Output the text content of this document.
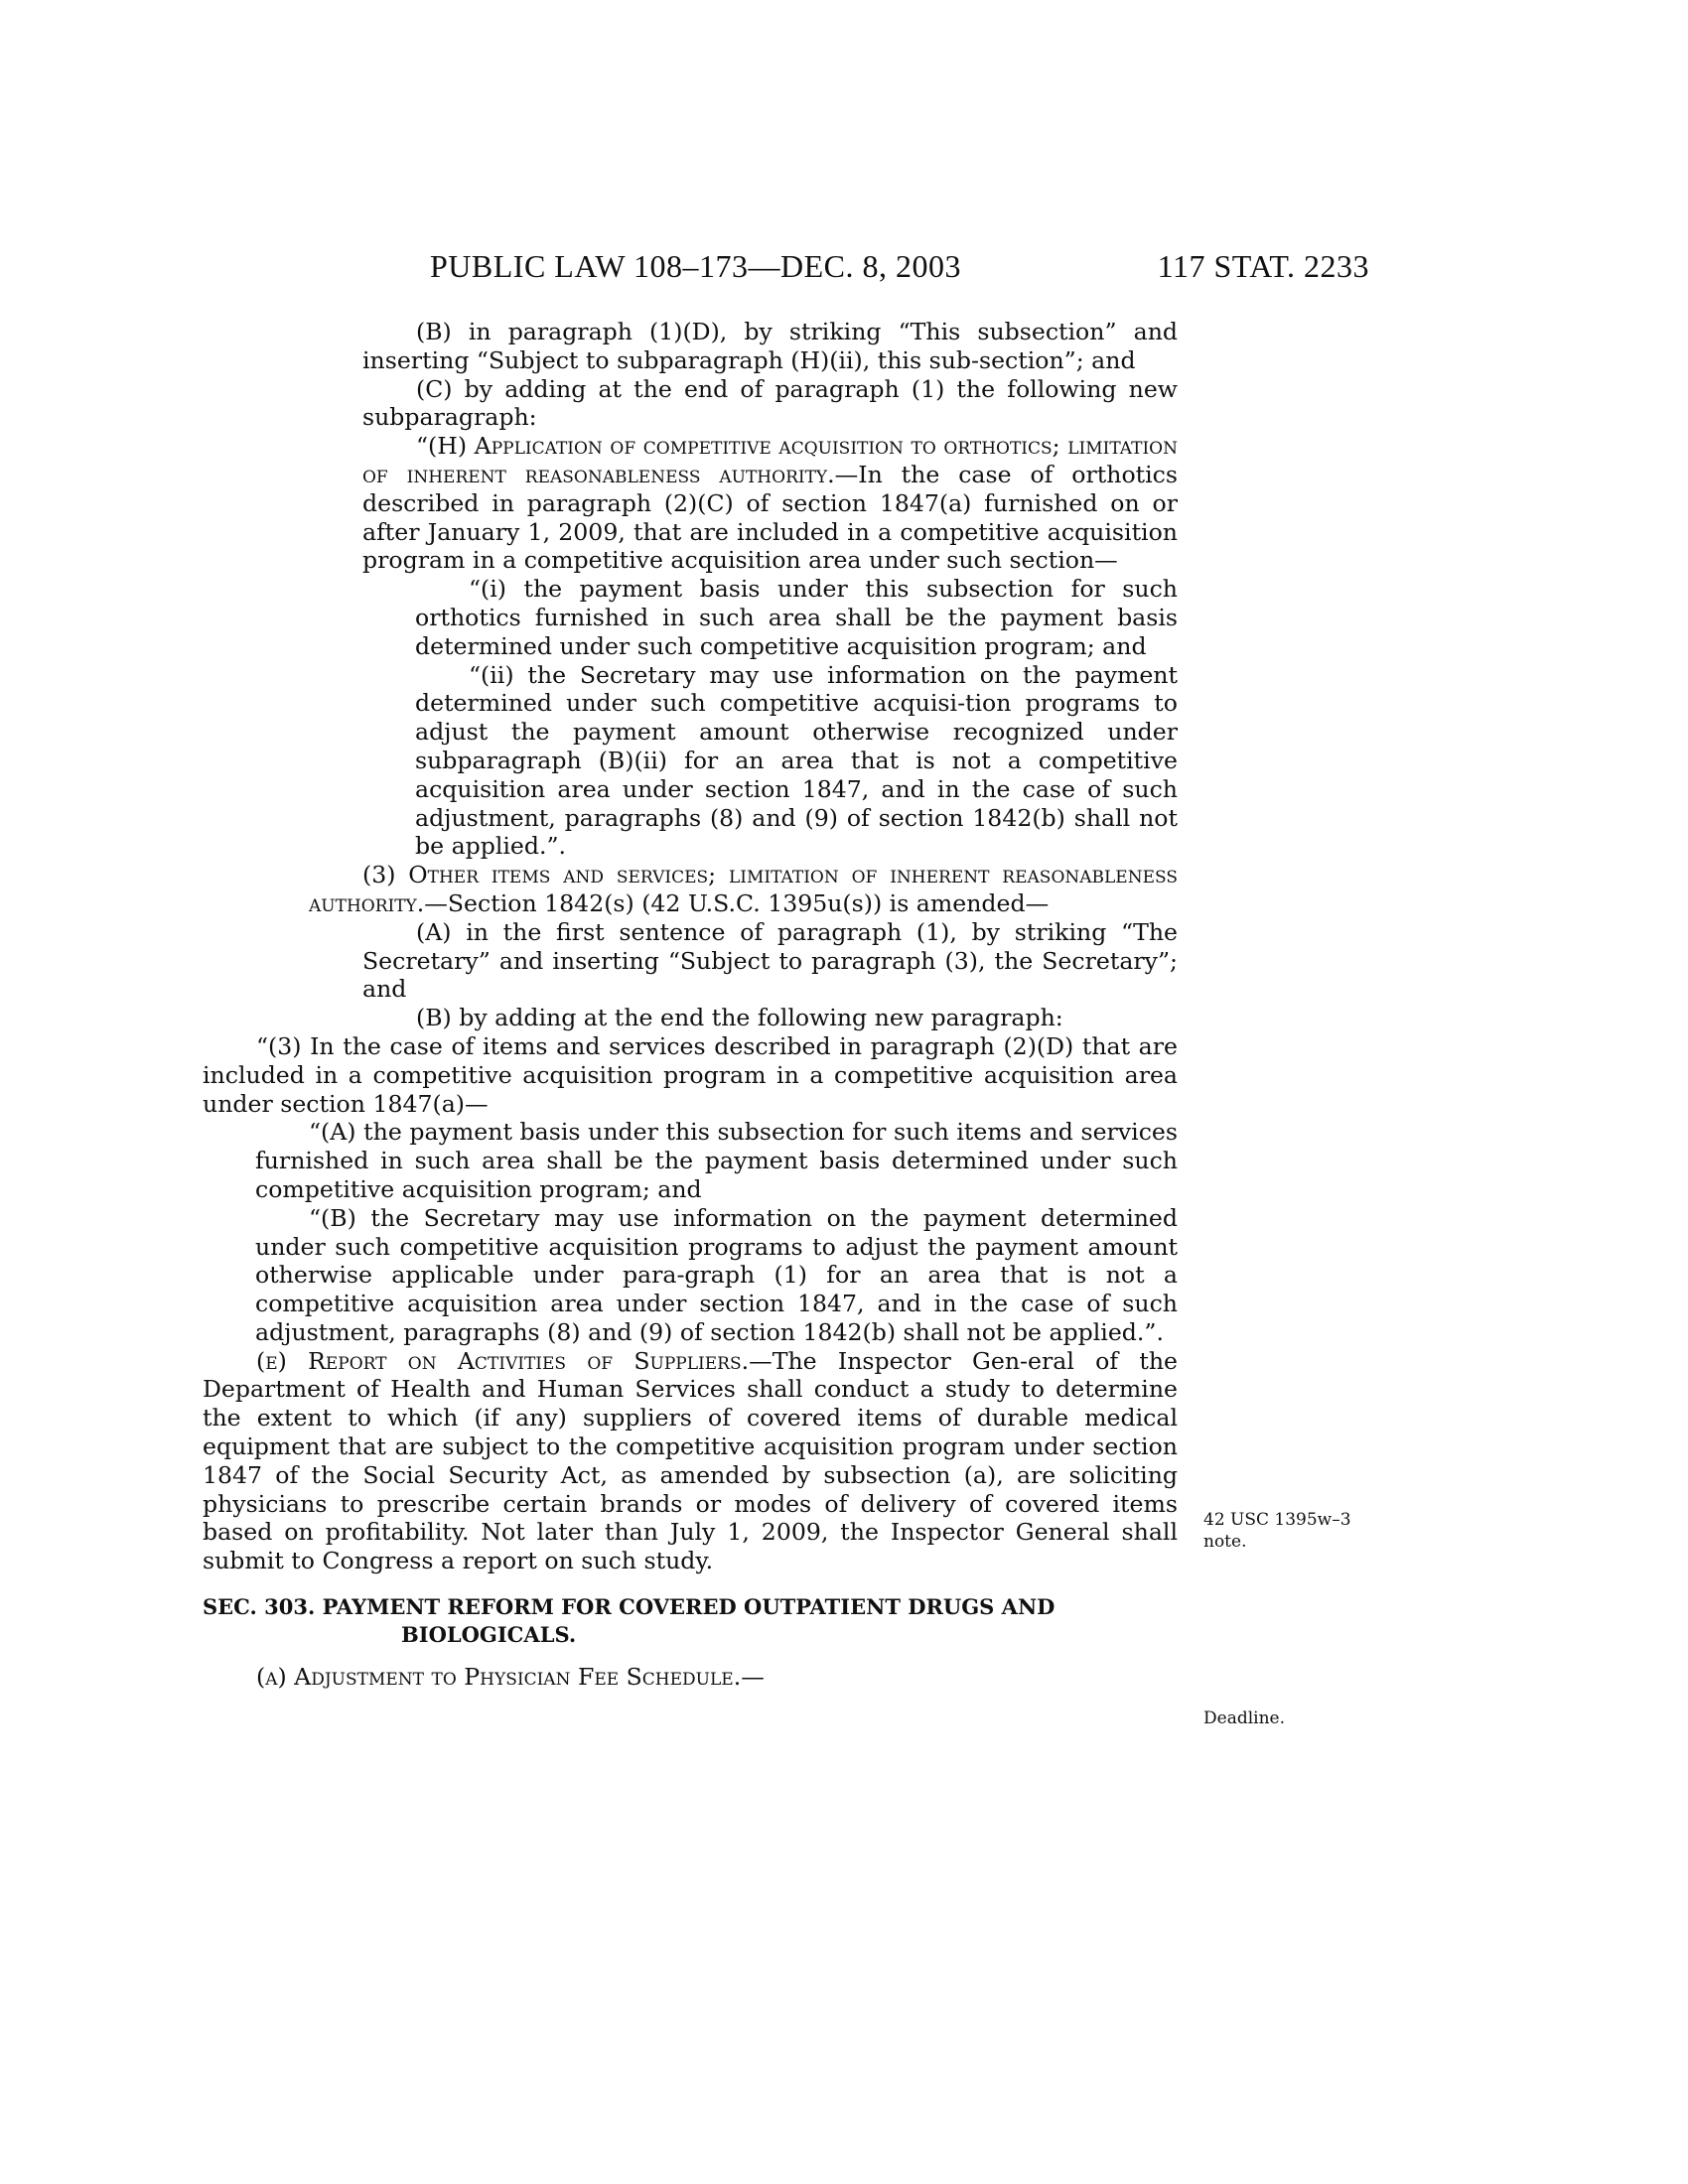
PUBLIC LAW 108–173—DEC. 8, 2003	117 STAT. 2233

(B) in paragraph (1)(D), by striking “This subsection” and inserting “Subject to subparagraph (H)(ii), this sub-section”; and

(C) by adding at the end of paragraph (1) the following new subparagraph:

“(H) Application of competitive acquisition to orthotics; limitation of inherent reasonableness authority.—In the case of orthotics described in paragraph (2)(C) of section 1847(a) furnished on or after January 1, 2009, that are included in a competitive acquisition program in a competitive acquisition area under such section—

“(i) the payment basis under this subsection for such orthotics furnished in such area shall be the payment basis determined under such competitive acquisition program; and

“(ii) the Secretary may use information on the payment determined under such competitive acquisi-tion programs to adjust the payment amount otherwise recognized under subparagraph (B)(ii) for an area that is not a competitive acquisition area under section 1847, and in the case of such adjustment, paragraphs (8) and (9) of section 1842(b) shall not be applied.”.

(3) Other items and services; limitation of inherent reasonableness authority.—Section 1842(s) (42 U.S.C. 1395u(s)) is amended—

(A) in the first sentence of paragraph (1), by striking “The Secretary” and inserting “Subject to paragraph (3), the Secretary”; and

(B) by adding at the end the following new paragraph:

“(3) In the case of items and services described in paragraph (2)(D) that are included in a competitive acquisition program in a competitive acquisition area under section 1847(a)—

“(A) the payment basis under this subsection for such items and services furnished in such area shall be the payment basis determined under such competitive acquisition program; and

“(B) the Secretary may use information on the payment determined under such competitive acquisition programs to adjust the payment amount otherwise applicable under para-graph (1) for an area that is not a competitive acquisition area under section 1847, and in the case of such adjustment, paragraphs (8) and (9) of section 1842(b) shall not be applied.”.

(e) Report on Activities of Suppliers.—The Inspector Gen-eral of the Department of Health and Human Services shall conduct a study to determine the extent to which (if any) suppliers of covered items of durable medical equipment that are subject to the competitive acquisition program under section 1847 of the Social Security Act, as amended by subsection (a), are soliciting physicians to prescribe certain brands or modes of delivery of covered items based on profitability. Not later than July 1, 2009, the Inspector General shall submit to Congress a report on such study.

SEC. 303. PAYMENT REFORM FOR COVERED OUTPATIENT DRUGS AND BIOLOGICALS.

(a) Adjustment to Physician Fee Schedule.—

42 USC 1395w–3
note.
Deadline.
